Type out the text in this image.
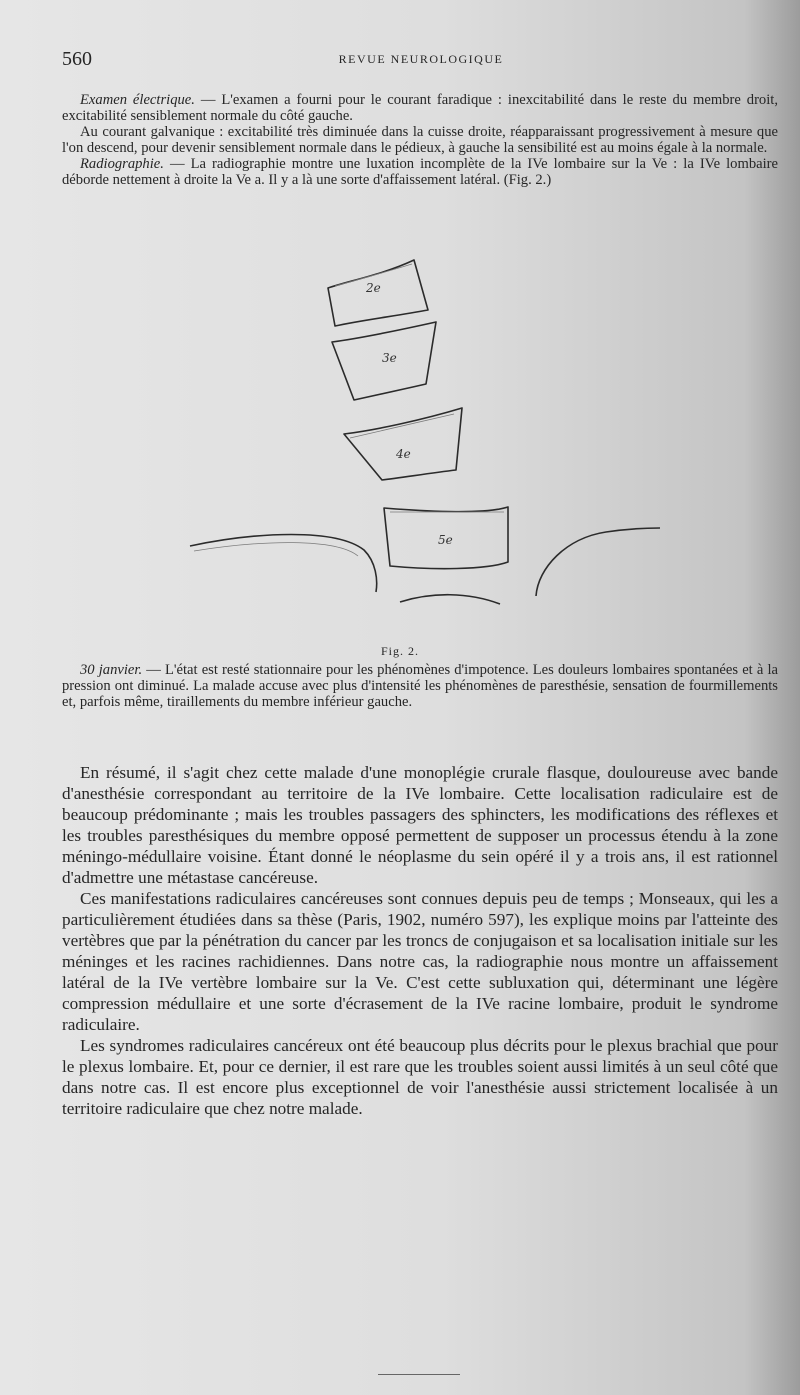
560	REVUE NEUROLOGIQUE

Examen électrique. — L'examen a fourni pour le courant faradique : inexcitabilité dans le reste du membre droit, excitabilité sensiblement normale du côté gauche.

Au courant galvanique : excitabilité très diminuée dans la cuisse droite, réapparaissant progressivement à mesure que l'on descend, pour devenir sensiblement normale dans le pédieux, à gauche la sensibilité est au moins égale à la normale.

Radiographie. — La radiographie montre une luxation incomplète de la IVe lombaire sur la Ve : la IVe lombaire déborde nettement à droite la Ve a. Il y a là une sorte d'affaissement latéral. (Fig. 2.)

2e
3e
4e
5e
Fig. 2.

30 janvier. — L'état est resté stationnaire pour les phénomènes d'impotence. Les douleurs lombaires spontanées et à la pression ont diminué. La malade accuse avec plus d'intensité les phénomènes de paresthésie, sensation de fourmillements et, parfois même, tiraillements du membre inférieur gauche.

En résumé, il s'agit chez cette malade d'une monoplégie crurale flasque, douloureuse avec bande d'anesthésie correspondant au territoire de la IVe lombaire. Cette localisation radiculaire est de beaucoup prédominante ; mais les troubles passagers des sphincters, les modifications des réflexes et les troubles paresthésiques du membre opposé permettent de supposer un processus étendu à la zone méningo-médullaire voisine. Étant donné le néoplasme du sein opéré il y a trois ans, il est rationnel d'admettre une métastase cancéreuse.

Ces manifestations radiculaires cancéreuses sont connues depuis peu de temps ; Monseaux, qui les a particulièrement étudiées dans sa thèse (Paris, 1902, numéro 597), les explique moins par l'atteinte des vertèbres que par la pénétration du cancer par les troncs de conjugaison et sa localisation initiale sur les méninges et les racines rachidiennes. Dans notre cas, la radiographie nous montre un affaissement latéral de la IVe vertèbre lombaire sur la Ve. C'est cette subluxation qui, déterminant une légère compression médullaire et une sorte d'écrasement de la IVe racine lombaire, produit le syndrome radiculaire.

Les syndromes radiculaires cancéreux ont été beaucoup plus décrits pour le plexus brachial que pour le plexus lombaire. Et, pour ce dernier, il est rare que les troubles soient aussi limités à un seul côté que dans notre cas. Il est encore plus exceptionnel de voir l'anesthésie aussi strictement localisée à un territoire radiculaire que chez notre malade.
